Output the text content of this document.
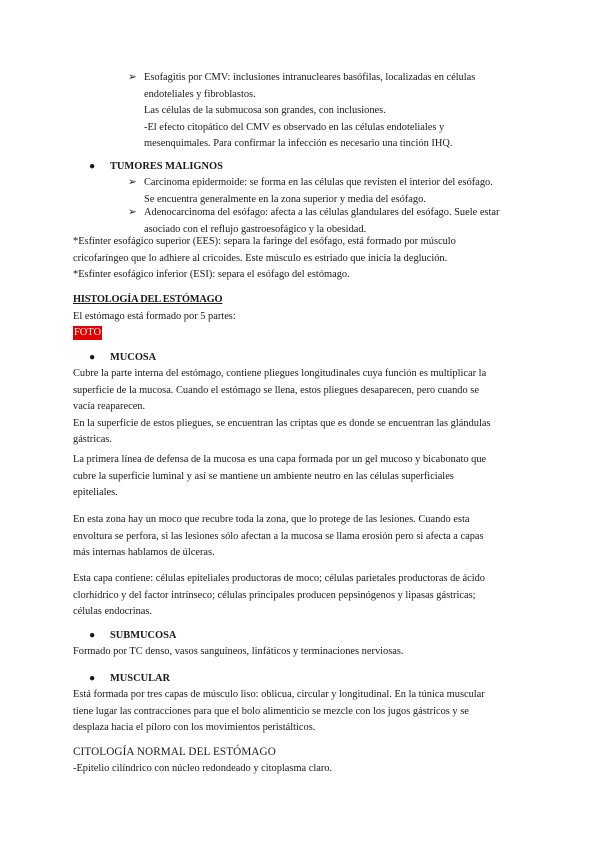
➢ Esofagitis por CMV: inclusiones intranucleares basófilas, localizadas en células
endoteliales y fibroblastos.
Las células de la submucosa son grandes, con inclusiones.
-El efecto citopático del CMV es observado en las células endoteliales y
mesenquimales. Para confirmar la infección es necesario una tinción IHQ.
● TUMORES MALIGNOS
➢ Carcinoma epidermoide: se forma en las células que revisten el interior del esófago.
Se encuentra generalmente en la zona superior y media del esófago.
➢ Adenocarcinoma del esófago: afecta a las células glandulares del esófago. Suele estar
asociado con el reflujo gastroesofágico y la obesidad.
*Esfínter esofágico superior (EES): separa la faringe del esófago, está formado por músculo
cricofaríngeo que lo adhiere al cricoides. Este músculo es estriado que inicia la deglución.
*Esfínter esofágico inferior (ESI): separa el esófago del estómago.
HISTOLOGÍA DEL ESTÓMAGO
El estómago está formado por 5 partes:
FOTO
● MUCOSA
Cubre la parte interna del estómago, contiene pliegues longitudinales cuya función es multiplicar la
superficie de la mucosa. Cuando el estómago se llena, estos pliegues desaparecen, pero cuando se
vacía reaparecen.
En la superficie de estos pliegues, se encuentran las criptas que es donde se encuentran las glándulas
gástricas.
La primera línea de defensa de la mucosa es una capa formada por un gel mucoso y bicabonato que
cubre la superficie luminal y así se mantiene un ambiente neutro en las células superficiales
epiteliales.
En esta zona hay un moco que recubre toda la zona, que lo protege de las lesiones. Cuando esta
envoltura se perfora, si las lesiones sólo afectan a la mucosa se llama erosión pero si afecta a capas
más internas hablamos de úlceras.
Esta capa contiene: células epiteliales productoras de moco; células parietales productoras de ácido
clorhídrico y del factor intrínseco; células principales producen pepsinógenos y lipasas gástricas;
células endocrinas.
● SUBMUCOSA
Formado por TC denso, vasos sanguíneos, linfáticos y terminaciones nerviosas.
● MUSCULAR
Está formada por tres capas de músculo liso: oblicua, circular y longitudinal. En la túnica muscular
tiene lugar las contracciones para que el bolo alimenticio se mezcle con los jugos gástricos y se
desplaza hacia el píloro con los movimientos peristálticos.
CITOLOGÍA NORMAL DEL ESTÓMAGO
-Epitelio cilíndrico con núcleo redondeado y citoplasma claro.
